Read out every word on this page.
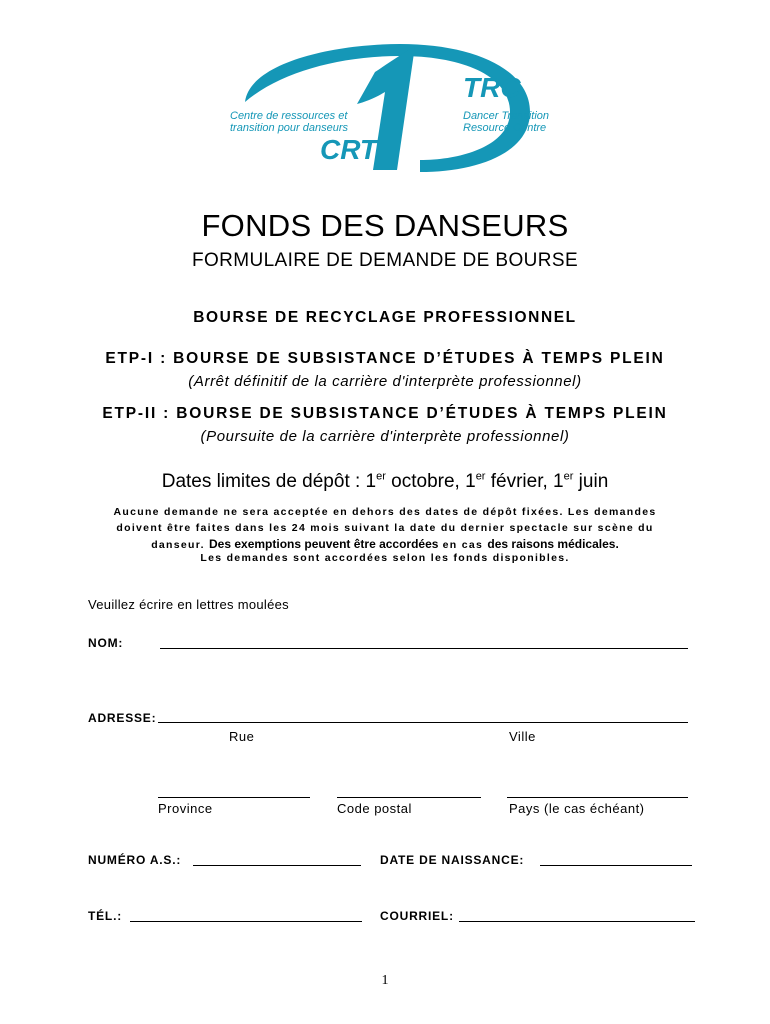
Centre de ressources et
transition pour danseurs
CRT
TRC
Dancer Transition
Resource Centre
FONDS DES DANSEURS
FORMULAIRE DE DEMANDE DE BOURSE
BOURSE DE RECYCLAGE PROFESSIONNEL
ETP-I : BOURSE DE SUBSISTANCE D’ÉTUDES À TEMPS PLEIN
(Arrêt définitif de la carrière d'interprète professionnel)
ETP-II : BOURSE DE SUBSISTANCE D’ÉTUDES À TEMPS PLEIN
(Poursuite de la carrière d'interprète professionnel)
Dates limites de dépôt : 1er octobre, 1er février, 1er juin
Aucune demande ne sera acceptée en dehors des dates de dépôt fixées. Les demandes
doivent être faites dans les 24 mois suivant la date du dernier spectacle sur scène du
danseur. Des exemptions peuvent être accordées en cas des raisons médicales.
Les demandes sont accordées selon les fonds disponibles.
Veuillez écrire en lettres moulées
NOM:
ADRESSE:
Rue	Ville
Province	Code postal	Pays (le cas échéant)
NUMÉRO A.S.:	DATE DE NAISSANCE:
TÉL.:	COURRIEL:
1
